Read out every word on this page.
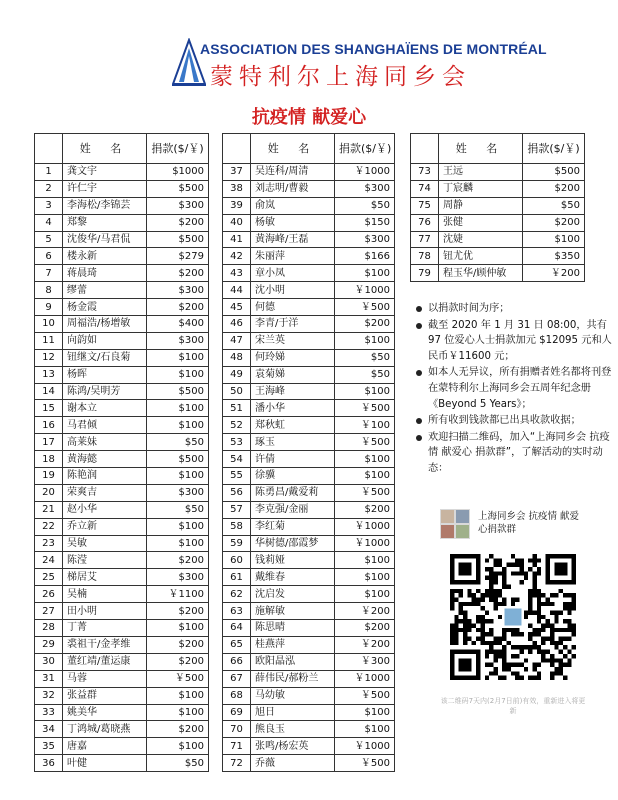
ASSOCIATION DES SHANGHAÏENS DE MONTRÉAL
蒙特利尔上海同乡会
抗疫情 献爱心
	姓 名	捐款($/￥)
1	龚文宇	$1000
2	许仁宇	$500
3	李海松/李锦芸	$300
4	郑黎	$200
5	沈俊华/马君侃	$500
6	楼永新	$279
7	蒋晨琦	$200
8	缪蕾	$300
9	杨金霞	$200
10	周福浩/杨增敏	$400
11	向韵如	$300
12	钮继文/石良菊	$100
13	杨晖	$100
14	陈鸿/吴明芳	$500
15	谢本立	$100
16	马君倾	$100
17	高莱妹	$50
18	黄海懿	$500
19	陈艳润	$100
20	荣爽吉	$300
21	赵小华	$50
22	乔立新	$100
23	吴敏	$100
24	陈滢	$200
25	梯居艾	$300
26	吴楠	￥1100
27	田小明	$200
28	丁菁	$100
29	裘祖干/金孝维	$200
30	董红靖/董运康	$200
31	马蓉	￥500
32	张益群	$100
33	姚美华	$100
34	丁鸿城/葛晓燕	$200
35	唐嘉	$100
36	叶健	$50
	姓 名	捐款($/￥)
37	吴连科/周清	￥1000
38	刘志明/曹毅	$300
39	俞岚	$50
40	杨敏	$150
41	黄海峰/王磊	$300
42	朱丽萍	$166
43	章小凤	$100
44	沈小明	￥1000
45	何德	￥500
46	李青/于洋	$200
47	宋兰英	$100
48	何玲娣	$50
49	袁菊娣	$50
50	王海峰	$100
51	潘小华	￥500
52	郑秋虹	￥100
53	琢玉	￥500
54	许倩	$100
55	徐骥	$100
56	陈勇昌/戴爱莉	￥500
57	李克强/金丽	$200
58	李红菊	￥1000
59	华树德/邵霞梦	￥1000
60	钱莉娅	$100
61	戴维春	$100
62	沈启发	$100
63	施解敏	￥200
64	陈思晴	$200
65	桂燕萍	￥200
66	欧阳晶泓	￥300
67	薛伟民/郝粉兰	￥1000
68	马幼敏	￥500
69	旭日	$100
70	熊良玉	$100
71	张鸣/杨宏英	￥1000
72	乔薇	￥500
	姓 名	捐款($/￥)
73	王远	$500
74	丁宸麟	$200
75	周静	$50
76	张健	$200
77	沈婕	$100
78	钮尤优	$350
79	程玉华/顾仲敏	￥200
以捐款时间为序；
截至 2020 年 1 月 31 日 08:00，共有 97 位爱心人士捐款加元 $12095 元和人民币￥11600 元；
如本人无异议，所有捐赠者姓名都将刊登在蒙特利尔上海同乡会五周年纪念册《Beyond 5 Years》；
所有收到钱款都已出具收款收据；
欢迎扫描二维码，加入“上海同乡会 抗疫情 献爱心 捐款群”，了解活动的实时动态：
上海同乡会 抗疫情 献爱心捐款群
该二维码7天内(2月7日前)有效，重新进入将更新
